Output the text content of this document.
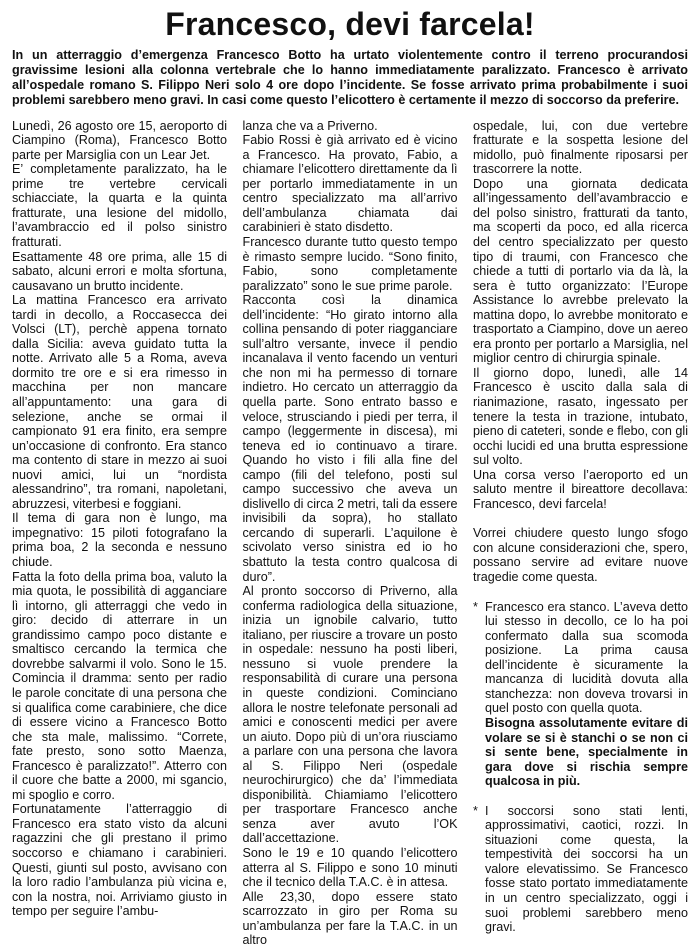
Francesco, devi farcela!
In un atterraggio d’emergenza Francesco Botto ha urtato violentemente contro il terreno procurandosi gravissime lesioni alla colonna vertebrale che lo hanno immediatamente paralizzato. Francesco è arrivato all’ospedale romano S. Filippo Neri solo 4 ore dopo l’incidente. Se fosse arrivato prima probabilmente i suoi problemi sarebbero meno gravi. In casi come questo l’elicottero è certamente il mezzo di soccorso da preferire.

Lunedì, 26 agosto ore 15, aeroporto di Ciampino (Roma), Francesco Botto parte per Marsiglia con un Lear Jet.

E’ completamente paralizzato, ha le prime tre vertebre cervicali schiacciate, la quarta e la quinta fratturate, una lesione del midollo, l’avambraccio ed il polso sinistro fratturati.

Esattamente 48 ore prima, alle 15 di sabato, alcuni errori e molta sfortuna, causavano un brutto incidente.

La mattina Francesco era arrivato tardi in decollo, a Roccasecca dei Volsci (LT), perchè appena tornato dalla Sicilia: aveva guidato tutta la notte. Arrivato alle 5 a Roma, aveva dormito tre ore e si era rimesso in macchina per non mancare all’appuntamento: una gara di selezione, anche se ormai il campionato 91 era finito, era sempre un’occasione di confronto. Era stanco ma contento di stare in mezzo ai suoi nuovi amici, lui un “nordista alessandrino”, tra romani, napoletani, abruzzesi, viterbesi e foggiani.

Il tema di gara non è lungo, ma impegnativo: 15 piloti fotografano la prima boa, 2 la seconda e nessuno chiude.

Fatta la foto della prima boa, valuto la mia quota, le possibilità di agganciare lì intorno, gli atterraggi che vedo in giro: decido di atterrare in un grandissimo campo poco distante e smaltisco cercando la termica che dovrebbe salvarmi il volo. Sono le 15. Comincia il dramma: sento per radio le parole concitate di una persona che si qualifica come carabiniere, che dice di essere vicino a Francesco Botto che sta male, malissimo. “Correte, fate presto, sono sotto Maenza, Francesco è paralizzato!”. Atterro con il cuore che batte a 2000, mi sgancio, mi spoglio e corro.

Fortunatamente l’atterraggio di Francesco era stato visto da alcuni ragazzini che gli prestano il primo soccorso e chiamano i carabinieri. Questi, giunti sul posto, avvisano con la loro radio l’ambulanza più vicina e, con la nostra, noi. Arriviamo giusto in tempo per seguire l’ambu-

lanza che va a Priverno.

Fabio Rossi è già arrivato ed è vicino a Francesco. Ha provato, Fabio, a chiamare l’elicottero direttamente da lì per portarlo immediatamente in un centro specializzato ma all’arrivo dell’ambulanza chiamata dai carabinieri è stato disdetto.

Francesco durante tutto questo tempo è rimasto sempre lucido. “Sono finito, Fabio, sono completamente paralizzato” sono le sue prime parole.

Racconta così la dinamica dell’incidente: “Ho girato intorno alla collina pensando di poter riagganciare sull’altro versante, invece il pendio incanalava il vento facendo un venturi che non mi ha permesso di tornare indietro. Ho cercato un atterraggio da quella parte. Sono entrato basso e veloce, strusciando i piedi per terra, il campo (leggermente in discesa), mi teneva ed io continuavo a tirare. Quando ho visto i fili alla fine del campo (fili del telefono, posti sul campo successivo che aveva un dislivello di circa 2 metri, tali da essere invisibili da sopra), ho stallato cercando di superarli. L’aquilone è scivolato verso sinistra ed io ho sbattuto la testa contro qualcosa di duro”.

Al pronto soccorso di Priverno, alla conferma radiologica della situazione, inizia un ignobile calvario, tutto italiano, per riuscire a trovare un posto in ospedale: nessuno ha posti liberi, nessuno si vuole prendere la responsabilità di curare una persona in queste condizioni. Cominciano allora le nostre telefonate personali ad amici e conoscenti medici per avere un aiuto. Dopo più di un’ora riusciamo a parlare con una persona che lavora al S. Filippo Neri (ospedale neurochirurgico) che da’ l’immediata disponibilità. Chiamiamo l’elicottero per trasportare Francesco anche senza aver avuto l’OK dall’accettazione.

Sono le 19 e 10 quando l’elicottero atterra al S. Filippo e sono 10 minuti che il tecnico della T.A.C. è in attesa.

Alle 23,30, dopo essere stato scarrozzato in giro per Roma su un’ambulanza per fare la T.A.C. in un altro

ospedale, lui, con due vertebre fratturate e la sospetta lesione del midollo, può finalmente riposarsi per trascorrere la notte.

Dopo una giornata dedicata all’ingessamento dell’avambraccio e del polso sinistro, fratturati da tanto, ma scoperti da poco, ed alla ricerca del centro specializzato per questo tipo di traumi, con Francesco che chiede a tutti di portarlo via da là, la sera è tutto organizzato: l’Europe Assistance lo avrebbe prelevato la mattina dopo, lo avrebbe monitorato e trasportato a Ciampino, dove un aereo era pronto per portarlo a Marsiglia, nel miglior centro di chirurgia spinale.

Il giorno dopo, lunedì, alle 14 Francesco è uscito dalla sala di rianimazione, rasato, ingessato per tenere la testa in trazione, intubato, pieno di cateteri, sonde e flebo, con gli occhi lucidi ed una brutta espressione sul volto.

Una corsa verso l’aeroporto ed un saluto mentre il bireattore decollava: Francesco, devi farcela!

Vorrei chiudere questo lungo sfogo con alcune considerazioni che, spero, possano servire ad evitare nuove tragedie come questa.

* Francesco era stanco. L’aveva detto lui stesso in decollo, ce lo ha poi confermato dalla sua scomoda posizione. La prima causa dell’incidente è sicuramente la mancanza di lucidità dovuta alla stanchezza: non doveva trovarsi in quel posto con quella quota.

Bisogna assolutamente evitare di volare se si è stanchi o se non ci si sente bene, specialmente in gara dove si rischia sempre qualcosa in più.

* I soccorsi sono stati lenti, approssimativi, caotici, rozzi. In situazioni come questa, la tempestività dei soccorsi ha un valore elevatissimo. Se Francesco fosse stato portato immediatamente in un centro specializzato, oggi i suoi problemi sarebbero meno gravi.
